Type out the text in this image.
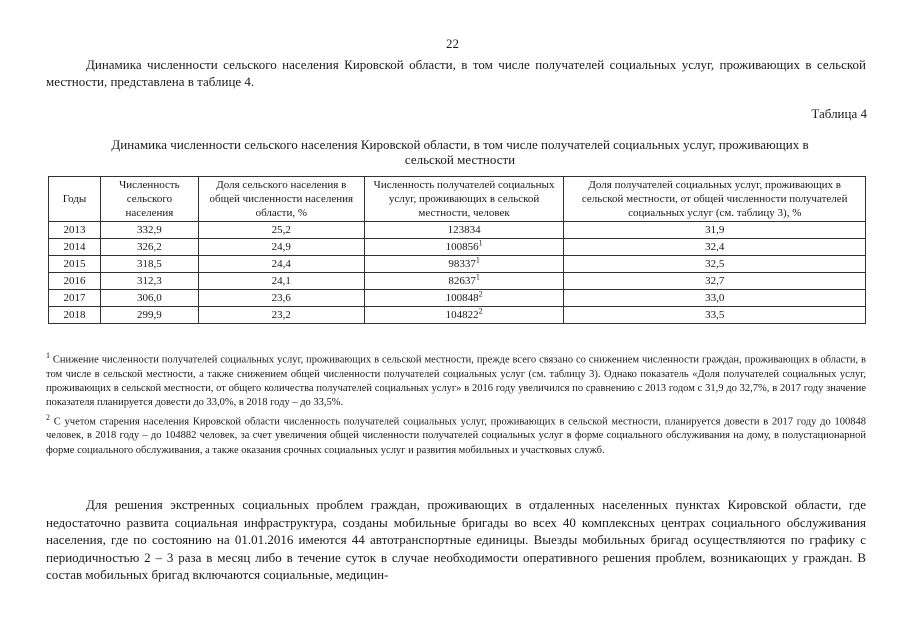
22
Динамика численности сельского населения Кировской области, в том числе получателей социальных услуг, проживающих в сельской местности, представлена в таблице 4.
Таблица 4
Динамика численности сельского населения Кировской области, в том числе получателей социальных услуг, проживающих в сельской местности
Годы	Численность сельского населения	Доля сельского населения в общей численности населения области, %	Численность получателей социальных услуг, проживающих в сельской местности, человек	Доля получателей социальных услуг, проживающих в сельской местности, от общей численности получателей социальных услуг (см. таблицу 3), %
2013	332,9	25,2	123834	31,9
2014	326,2	24,9	100856$^1$	32,4
2015	318,5	24,4	98337$^1$	32,5
2016	312,3	24,1	82637$^1$	32,7
2017	306,0	23,6	100848$^2$	33,0
2018	299,9	23,2	104822$^2$	33,5

$^1$ Снижение численности получателей социальных услуг, проживающих в сельской местности, прежде всего связано со снижением численности граждан, проживающих в области, в том числе в сельской местности, а также снижением общей численности получателей социальных услуг (см. таблицу 3). Однако показатель «Доля получателей социальных услуг, проживающих в сельской местности, от общего количества получателей социальных услуг» в 2016 году увеличился по сравнению с 2013 годом с 31,9 до 32,7%, в 2017 году значение показателя планируется довести до 33,0%, в 2018 году – до 33,5%.

$^2$ С учетом старения населения Кировской области численность получателей социальных услуг, проживающих в сельской местности, планируется довести в 2017 году до 100848 человек, в 2018 году – до 104882 человек, за счет увеличения общей численности получателей социальных услуг в форме социального обслуживания на дому, в полустационарной форме социального обслуживания, а также оказания срочных социальных услуг и развития мобильных и участковых служб.

Для решения экстренных социальных проблем граждан, проживающих в отдаленных населенных пунктах Кировской области, где недостаточно развита социальная инфраструктура, созданы мобильные бригады во всех 40 комплексных центрах социального обслуживания населения, где по состоянию на 01.01.2016 имеются 44 автотранспортные единицы. Выезды мобильных бригад осуществляются по графику с периодичностью 2 – 3 раза в месяц либо в течение суток в случае необходимости оперативного решения проблем, возникающих у граждан. В состав мобильных бригад включаются социальные, медицин-
